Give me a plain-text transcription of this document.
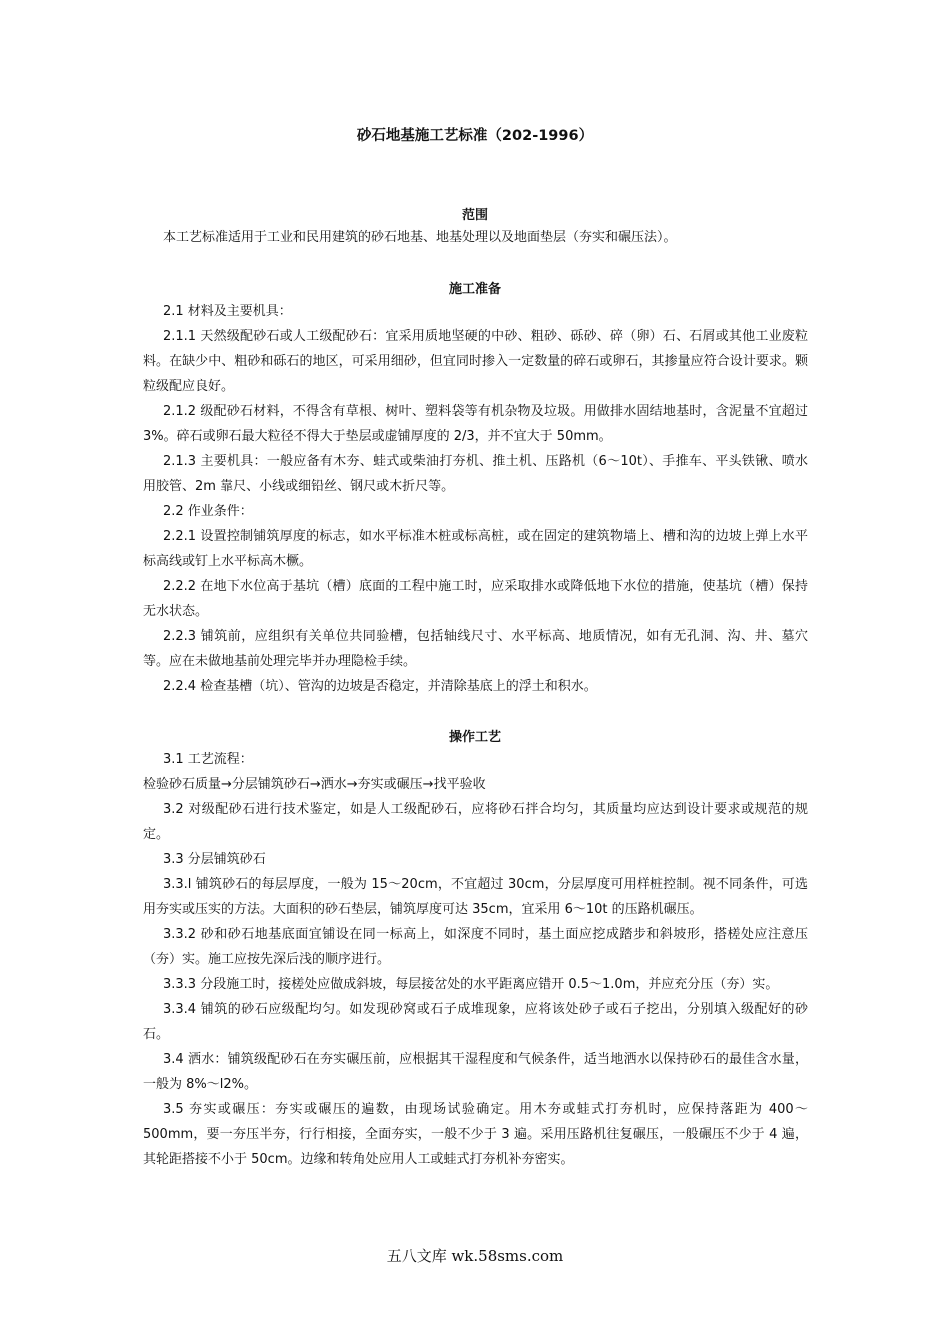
砂石地基施工艺标准（202-1996）
范围

本工艺标准适用于工业和民用建筑的砂石地基、地基处理以及地面垫层（夯实和碾压法）。

施工准备

2.1 材料及主要机具：

2.1.1 天然级配砂石或人工级配砂石：宜采用质地坚硬的中砂、粗砂、砾砂、碎（卵）石、石屑或其他工业废粒料。在缺少中、粗砂和砾石的地区，可采用细砂，但宜同时掺入一定数量的碎石或卵石，其掺量应符合设计要求。颗粒级配应良好。

2.1.2 级配砂石材料，不得含有草根、树叶、塑料袋等有机杂物及垃圾。用做排水固结地基时，含泥量不宜超过 3%。碎石或卵石最大粒径不得大于垫层或虚铺厚度的 2/3，并不宜大于 50mm。

2.1.3 主要机具：一般应备有木夯、蛙式或柴油打夯机、推土机、压路机（6～10t）、手推车、平头铁锹、喷水用胶管、2m 靠尺、小线或细铅丝、钢尺或木折尺等。

2.2 作业条件：

2.2.1 设置控制铺筑厚度的标志，如水平标准木桩或标高桩，或在固定的建筑物墙上、槽和沟的边坡上弹上水平标高线或钉上水平标高木橛。

2.2.2 在地下水位高于基坑（槽）底面的工程中施工时，应采取排水或降低地下水位的措施，使基坑（槽）保持无水状态。

2.2.3 铺筑前，应组织有关单位共同验槽，包括轴线尺寸、水平标高、地质情况，如有无孔洞、沟、井、墓穴等。应在未做地基前处理完毕并办理隐检手续。

2.2.4 检查基槽（坑）、管沟的边坡是否稳定，并清除基底上的浮土和积水。

操作工艺

3.1 工艺流程：

检验砂石质量→分层铺筑砂石→洒水→夯实或碾压→找平验收

3.2 对级配砂石进行技术鉴定，如是人工级配砂石，应将砂石拌合均匀，其质量均应达到设计要求或规范的规定。

3.3 分层铺筑砂石

3.3.l 铺筑砂石的每层厚度，一般为 15～20cm，不宜超过 30cm，分层厚度可用样桩控制。视不同条件，可选用夯实或压实的方法。大面积的砂石垫层，铺筑厚度可达 35cm，宜采用 6～10t 的压路机碾压。

3.3.2 砂和砂石地基底面宜铺设在同一标高上，如深度不同时，基土面应挖成踏步和斜坡形，搭槎处应注意压（夯）实。施工应按先深后浅的顺序进行。

3.3.3 分段施工时，接槎处应做成斜坡，每层接岔处的水平距离应错开 0.5～1.0m，并应充分压（夯）实。

3.3.4 铺筑的砂石应级配均匀。如发现砂窝或石子成堆现象，应将该处砂子或石子挖出，分别填入级配好的砂石。

3.4 洒水：铺筑级配砂石在夯实碾压前，应根据其干湿程度和气候条件，适当地洒水以保持砂石的最佳含水量，一般为 8%～l2%。

3.5 夯实或碾压：夯实或碾压的遍数，由现场试验确定。用木夯或蛙式打夯机时，应保持落距为 400～500mm，要一夯压半夯，行行相接，全面夯实，一般不少于 3 遍。采用压路机往复碾压，一般碾压不少于 4 遍，其轮距搭接不小于 50cm。边缘和转角处应用人工或蛙式打夯机补夯密实。

五八文库 wk.58sms.com
